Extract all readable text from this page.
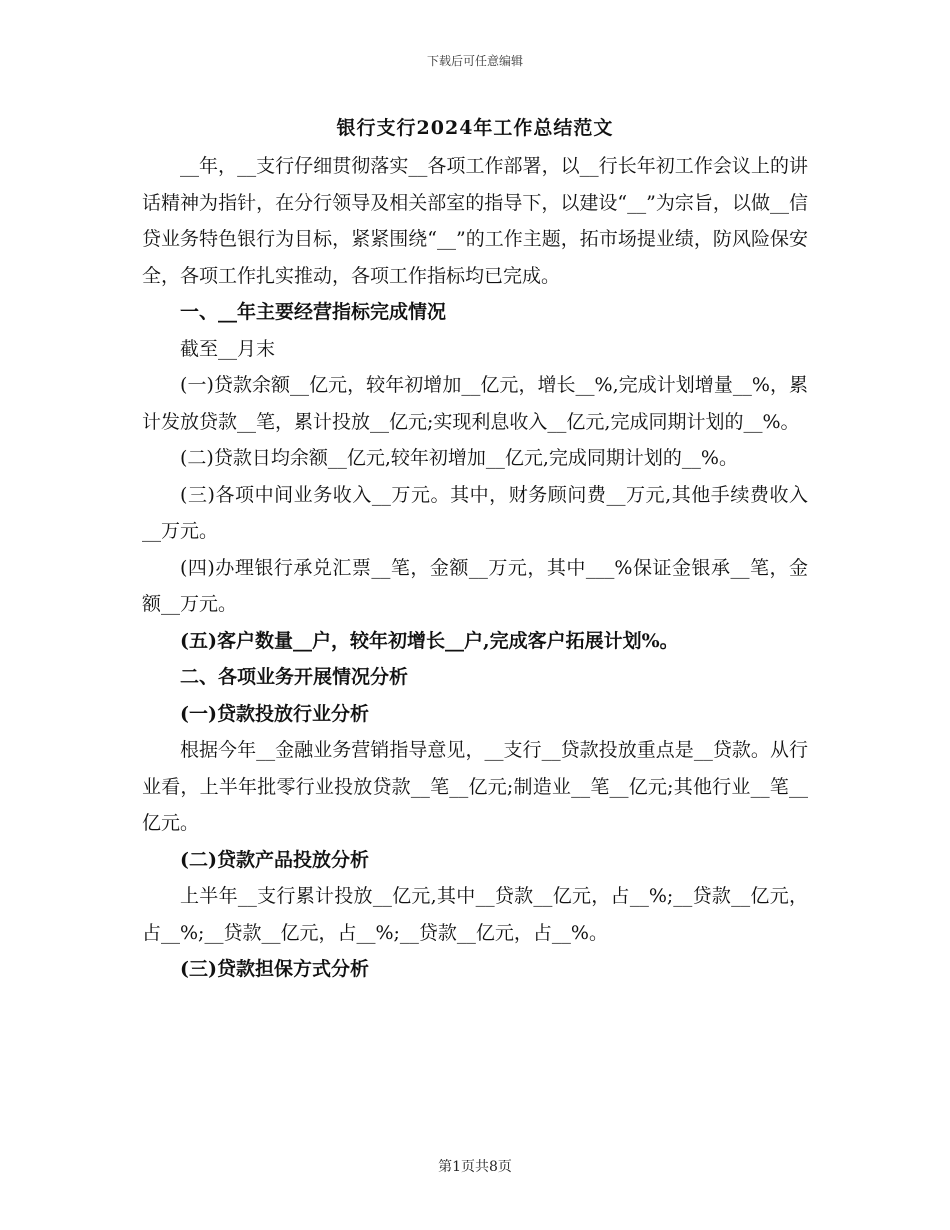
下载后可任意编辑
银行支行2024年工作总结范文

__年，__支行仔细贯彻落实__各项工作部署，以__行长年初工作会议上的讲话精神为指针，在分行领导及相关部室的指导下，以建设“__”为宗旨，以做__信贷业务特色银行为目标，紧紧围绕“__”的工作主题，拓市场提业绩，防风险保安全，各项工作扎实推动，各项工作指标均已完成。

一、__年主要经营指标完成情况

截至__月末

(一)贷款余额__亿元，较年初增加__亿元，增长__%,完成计划增量__%，累计发放贷款__笔，累计投放__亿元;实现利息收入__亿元,完成同期计划的__%。

(二)贷款日均余额__亿元,较年初增加__亿元,完成同期计划的__%。

(三)各项中间业务收入__万元。其中，财务顾问费__万元,其他手续费收入__万元。

(四)办理银行承兑汇票__笔，金额__万元，其中___%保证金银承__笔，金额__万元。

(五)客户数量__户，较年初增长__户,完成客户拓展计划%。

二、各项业务开展情况分析

(一)贷款投放行业分析

根据今年__金融业务营销指导意见，__支行__贷款投放重点是__贷款。从行业看，上半年批零行业投放贷款__笔__亿元;制造业__笔__亿元;其他行业__笔__亿元。

(二)贷款产品投放分析

上半年__支行累计投放__亿元,其中__贷款__亿元，占__%;__贷款__亿元，占__%;__贷款__亿元，占__%;__贷款__亿元，占__%。

(三)贷款担保方式分析

第1页共8页
